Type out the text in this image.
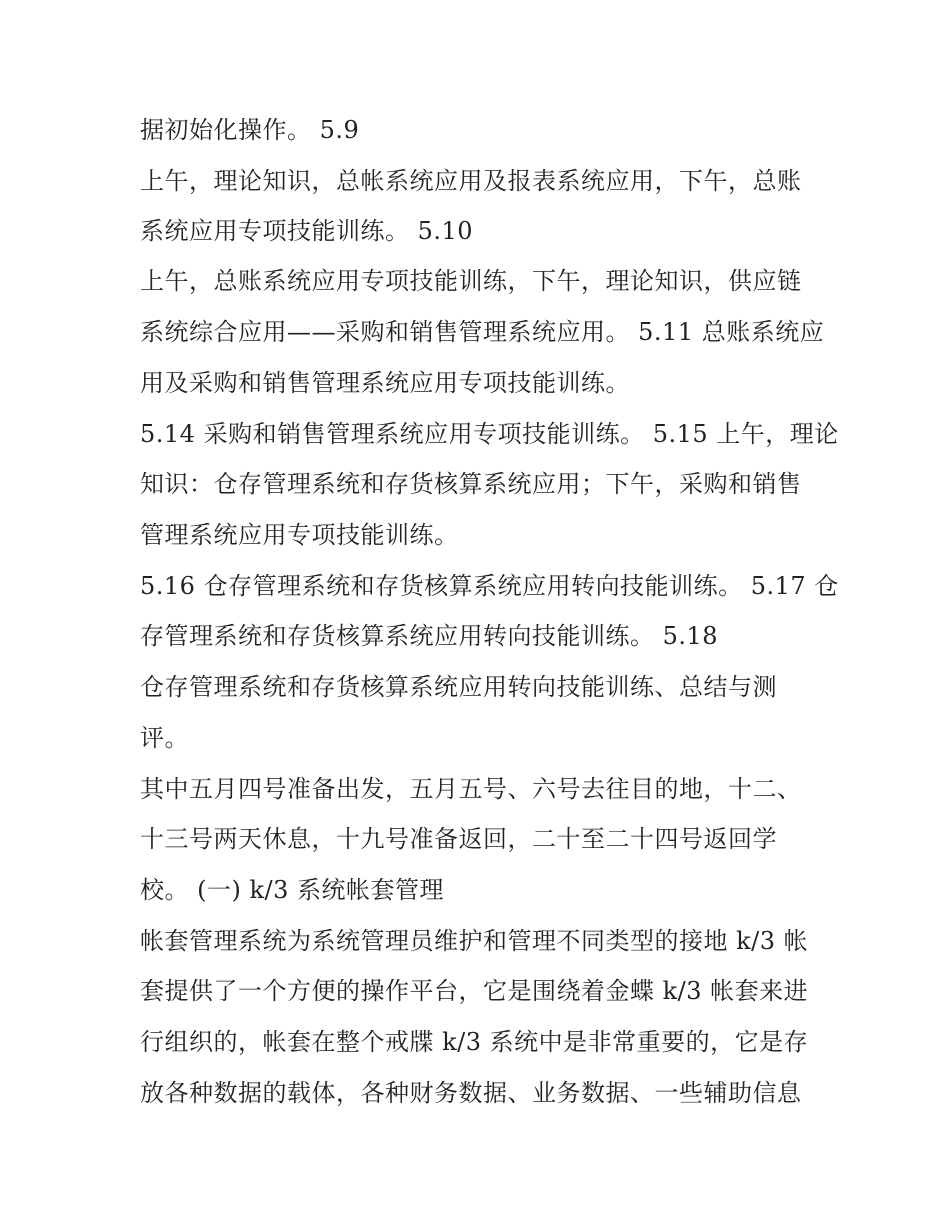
据初始化操作。 5.9
上午，理论知识，总帐系统应用及报表系统应用，下午，总账
系统应用专项技能训练。 5.10
上午，总账系统应用专项技能训练，下午，理论知识，供应链
系统综合应用——采购和销售管理系统应用。 5.11 总账系统应
用及采购和销售管理系统应用专项技能训练。
5.14 采购和销售管理系统应用专项技能训练。 5.15 上午，理论
知识：仓存管理系统和存货核算系统应用；下午，采购和销售
管理系统应用专项技能训练。
5.16 仓存管理系统和存货核算系统应用转向技能训练。 5.17 仓
存管理系统和存货核算系统应用转向技能训练。 5.18
仓存管理系统和存货核算系统应用转向技能训练、总结与测
评。
其中五月四号准备出发，五月五号、六号去往目的地，十二、
十三号两天休息，十九号准备返回，二十至二十四号返回学
校。 (一) k/3 系统帐套管理
帐套管理系统为系统管理员维护和管理不同类型的接地 k/3 帐
套提供了一个方便的操作平台，它是围绕着金蝶 k/3 帐套来进
行组织的，帐套在整个戒牒 k/3 系统中是非常重要的，它是存
放各种数据的载体，各种财务数据、业务数据、一些辅助信息
